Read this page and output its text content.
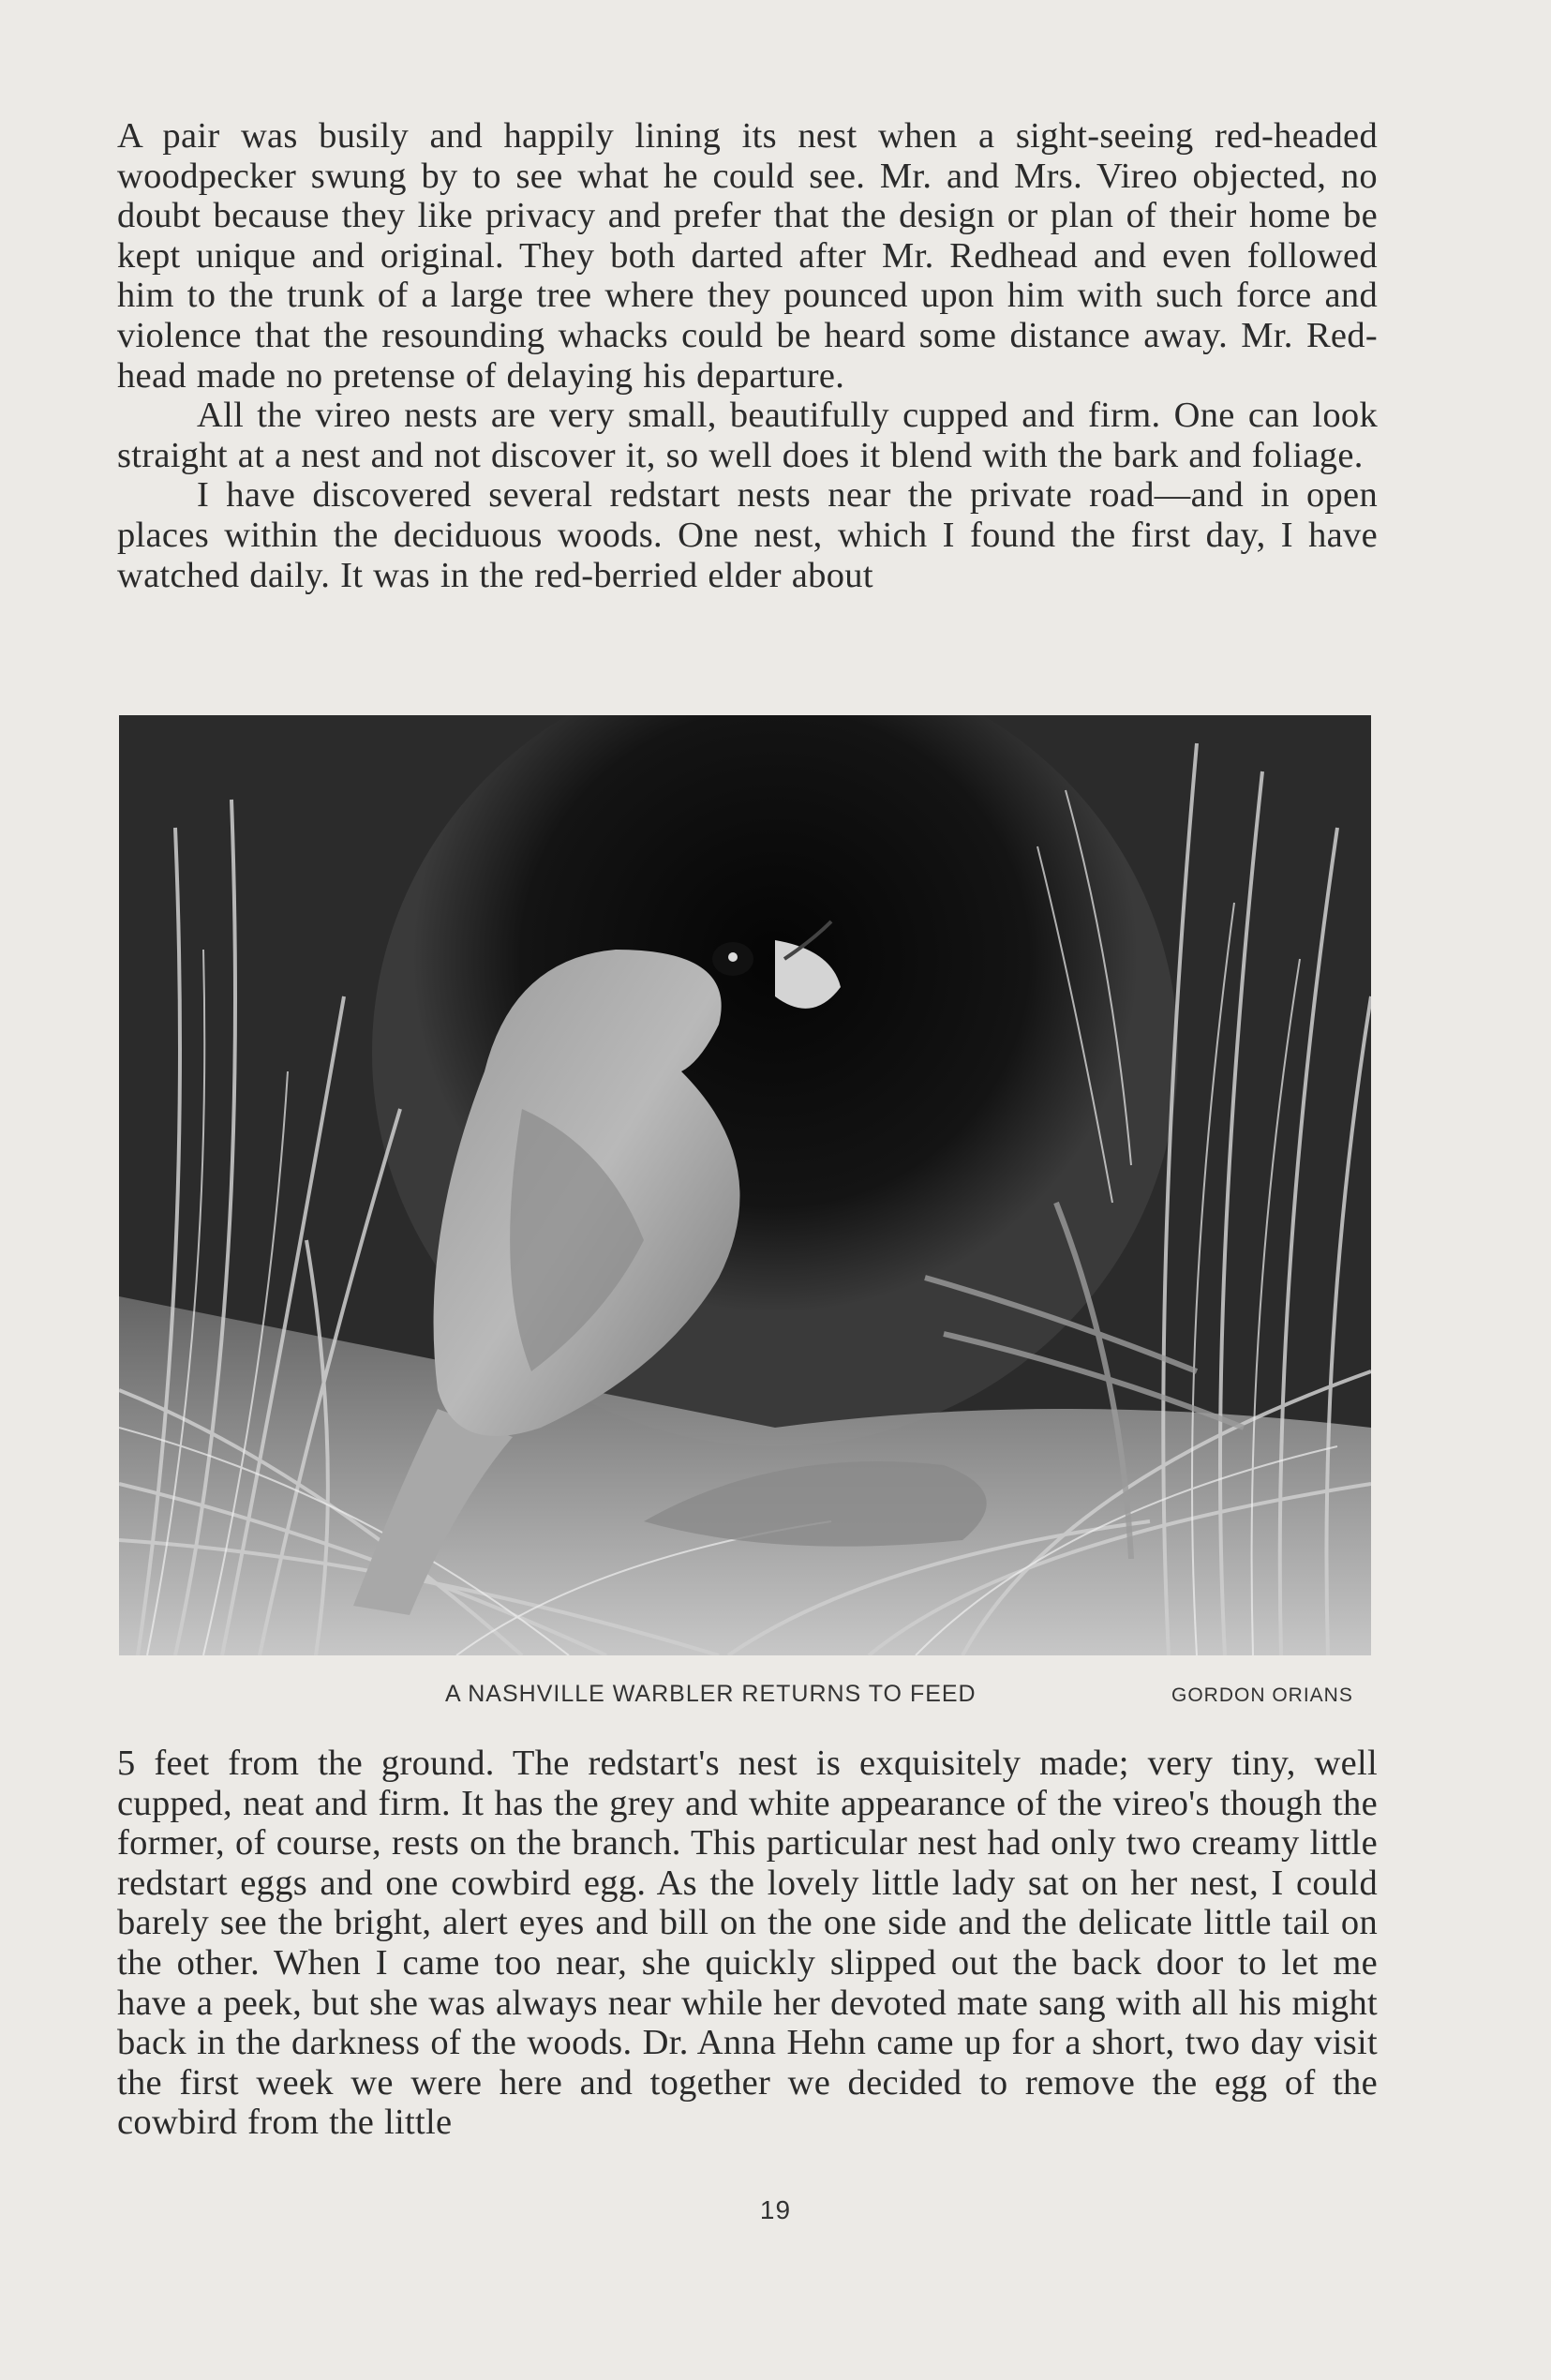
A pair was busily and happily lining its nest when a sight-seeing red-headed woodpecker swung by to see what he could see. Mr. and Mrs. Vireo objected, no doubt because they like privacy and prefer that the design or plan of their home be kept unique and original. They both darted after Mr. Redhead and even followed him to the trunk of a large tree where they pounced upon him with such force and violence that the resounding whacks could be heard some distance away. Mr. Red-head made no pretense of delaying his departure.

All the vireo nests are very small, beautifully cupped and firm. One can look straight at a nest and not discover it, so well does it blend with the bark and foliage.

I have discovered several redstart nests near the private road—and in open places within the deciduous woods. One nest, which I found the first day, I have watched daily. It was in the red-berried elder about

A NASHVILLE WARBLER RETURNS TO FEED	GORDON ORIANS

5 feet from the ground. The redstart's nest is exquisitely made; very tiny, well cupped, neat and firm. It has the grey and white appearance of the vireo's though the former, of course, rests on the branch. This particular nest had only two creamy little redstart eggs and one cowbird egg. As the lovely little lady sat on her nest, I could barely see the bright, alert eyes and bill on the one side and the delicate little tail on the other. When I came too near, she quickly slipped out the back door to let me have a peek, but she was always near while her devoted mate sang with all his might back in the darkness of the woods. Dr. Anna Hehn came up for a short, two day visit the first week we were here and together we decided to remove the egg of the cowbird from the little

19
